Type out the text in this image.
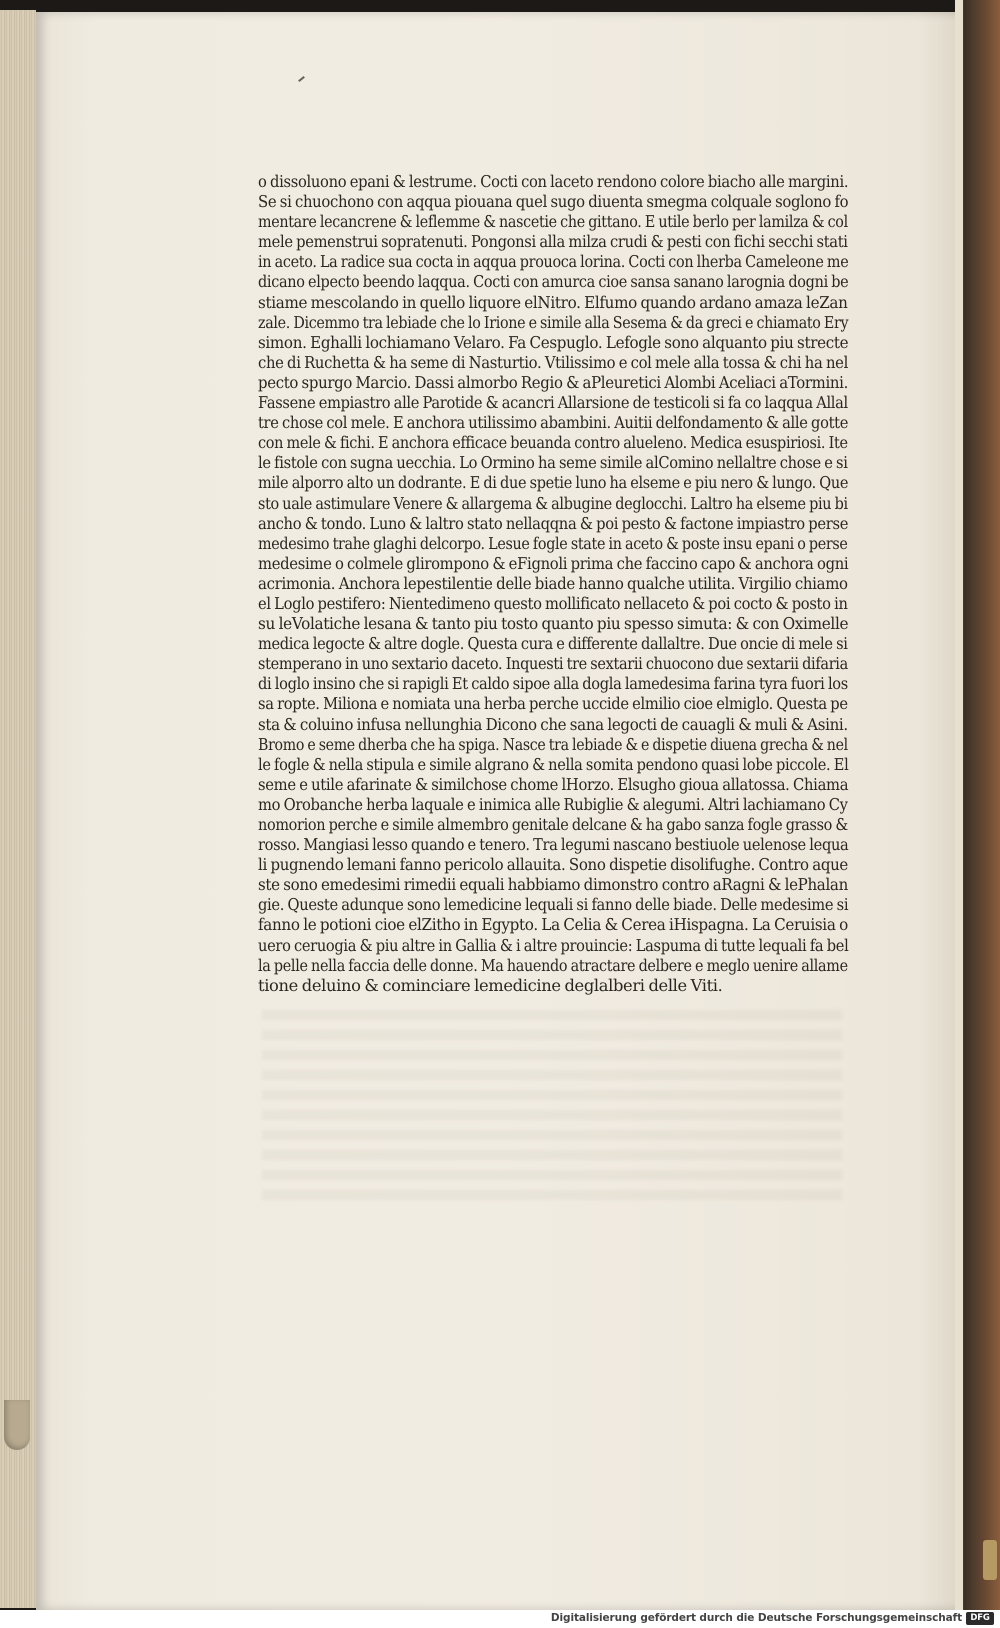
o dissoluono epani & lestrume. Cocti con laceto rendono colore biacho alle margini.
Se si chuochono con aqqua piouana quel sugo diuenta smegma colquale soglono fo
mentare lecancrene & leflemme & nascetie che gittano. E utile berlo per lamilza & col
mele pemenstrui sopratenuti. Pongonsi alla milza crudi & pesti con fichi secchi stati
in aceto. La radice sua cocta in aqqua prouoca lorina. Cocti con lherba Cameleone me
dicano elpecto beendo laqqua. Cocti con amurca cioe sansa sanano larognia dogni be
stiame mescolando in quello liquore elNitro. Elfumo quando ardano amaza leZan
zale. Dicemmo tra lebiade che lo Irione e simile alla Sesema & da greci e chiamato Ery
simon. Eghalli lochiamano Velaro. Fa Cespuglo. Lefogle sono alquanto piu strecte
che di Ruchetta & ha seme di Nasturtio. Vtilissimo e col mele alla tossa & chi ha nel
pecto spurgo Marcio. Dassi almorbo Regio & aPleuretici Alombi Aceliaci aTormini.
Fassene empiastro alle Parotide & acancri Allarsione de testicoli si fa co laqqua Allal
tre chose col mele. E anchora utilissimo abambini. Auitii delfondamento & alle gotte
con mele & fichi. E anchora efficace beuanda contro alueleno. Medica esuspiriosi. Ite
le fistole con sugna uecchia. Lo Ormino ha seme simile alComino nellaltre chose e si
mile alporro alto un dodrante. E di due spetie luno ha elseme e piu nero & lungo. Que
sto uale astimulare Venere & allargema & albugine deglocchi. Laltro ha elseme piu bi
ancho & tondo. Luno & laltro stato nellaqqna & poi pesto & factone impiastro perse
medesimo trahe glaghi delcorpo. Lesue fogle state in aceto & poste insu epani o perse
medesime o colmele glirompono & eFignoli prima che faccino capo & anchora ogni
acrimonia. Anchora lepestilentie delle biade hanno qualche utilita. Virgilio chiamo
el Loglo pestifero: Nientedimeno questo mollificato nellaceto & poi cocto & posto in
su leVolatiche lesana & tanto piu tosto quanto piu spesso simuta: & con Oximelle
medica legocte & altre dogle. Questa cura e differente dallaltre. Due oncie di mele si
stemperano in uno sextario daceto. Inquesti tre sextarii chuocono due sextarii difaria
di loglo insino che si rapigli Et caldo sipoe alla dogla lamedesima farina tyra fuori los
sa ropte. Miliona e nomiata una herba perche uccide elmilio cioe elmiglo. Questa pe
sta & coluino infusa nellunghia Dicono che sana legocti de cauagli & muli & Asini.
Bromo e seme dherba che ha spiga. Nasce tra lebiade & e dispetie diuena grecha & nel
le fogle & nella stipula e simile algrano & nella somita pendono quasi lobe piccole. El
seme e utile afarinate & similchose chome lHorzo. Elsugho gioua allatossa. Chiama
mo Orobanche herba laquale e inimica alle Rubiglie & alegumi. Altri lachiamano Cy
nomorion perche e simile almembro genitale delcane & ha gabo sanza fogle grasso &
rosso. Mangiasi lesso quando e tenero. Tra legumi nascano bestiuole uelenose lequa
li pugnendo lemani fanno pericolo allauita. Sono dispetie disolifughe. Contro aque
ste sono emedesimi rimedii equali habbiamo dimonstro contro aRagni & lePhalan
gie. Queste adunque sono lemedicine lequali si fanno delle biade. Delle medesime si
fanno le potioni cioe elZitho in Egypto. La Celia & Cerea iHispagna. La Ceruisia o
uero ceruogia & piu altre in Gallia & i altre prouincie: Laspuma di tutte lequali fa bel
la pelle nella faccia delle donne. Ma hauendo atractare delbere e meglo uenire allame
tione deluino & cominciare lemedicine deglalberi delle Viti.
Digitalisierung gefördert durch die Deutsche Forschungsgemeinschaft DFG
